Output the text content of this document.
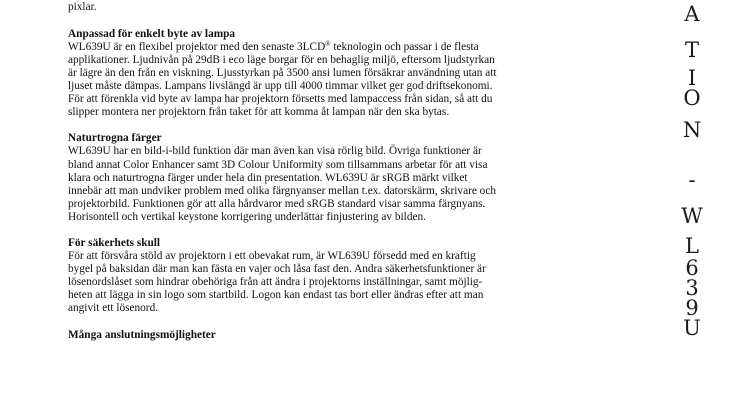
pixlar.

Anpassad för enkelt byte av lampa

WL639U är en flexibel projektor med den senaste 3LCD® teknologin och passar i de flesta
applikationer. Ljudnivån på 29dB i eco läge borgar för en behaglig miljö, eftersom ljudstyrkan
är lägre än den från en viskning. Ljusstyrkan på 3500 ansi lumen försäkrar användning utan att
ljuset måste dämpas. Lampans livslängd är upp till 4000 timmar vilket ger god driftsekonomi.
För att förenkla vid byte av lampa har projektorn försetts med lampaccess från sidan, så att du
slipper montera ner projektorn från taket för att komma åt lampan när den ska bytas.

Naturtrogna färger

WL639U har en bild-i-bild funktion där man även kan visa rörlig bild. Övriga funktioner är
bland annat Color Enhancer samt 3D Colour Uniformity som tillsammans arbetar för att visa
klara och naturtrogna färger under hela din presentation. WL639U är sRGB märkt vilket
innebär att man undviker problem med olika färgnyanser mellan t.ex. datorskärm, skrivare och
projektorbild. Funktionen gör att alla hårdvaror med sRGB standard visar samma färgnyans.
Horisontell och vertikal keystone korrigering underlättar finjustering av bilden.

För säkerhets skull

För att försvåra stöld av projektorn i ett obevakat rum, är WL639U försedd med en kraftig
bygel på baksidan där man kan fästa en vajer och låsa fast den. Andra säkerhetsfunktioner är
lösenordslåset som hindrar obehöriga från att ändra i projektorns inställningar, samt möjlig-
heten att lägga in sin logo som startbild. Logon kan endast tas bort eller ändras efter att man
angivit ett lösenord.

Många anslutningsmöjligheter

A
T
I
O
N
-
W
L
6
3
9
U
